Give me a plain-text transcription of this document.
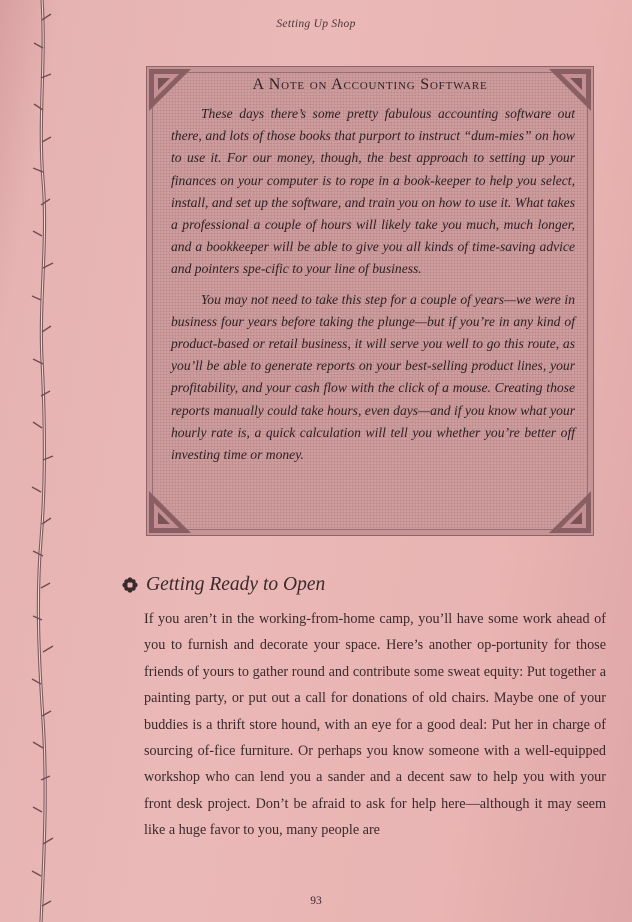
Setting Up Shop
A Note on Accounting Software

These days there’s some pretty fabulous accounting software out there, and lots of those books that purport to instruct “dum-mies” on how to use it. For our money, though, the best approach to setting up your finances on your computer is to rope in a book-keeper to help you select, install, and set up the software, and train you on how to use it. What takes a professional a couple of hours will likely take you much, much longer, and a bookkeeper will be able to give you all kinds of time-saving advice and pointers spe-cific to your line of business.

You may not need to take this step for a couple of years—we were in business four years before taking the plunge—but if you’re in any kind of product-based or retail business, it will serve you well to go this route, as you’ll be able to generate reports on your best-selling product lines, your profitability, and your cash flow with the click of a mouse. Creating those reports manually could take hours, even days—and if you know what your hourly rate is, a quick calculation will tell you whether you’re better off investing time or money.

Getting Ready to Open

If you aren’t in the working-from-home camp, you’ll have some work ahead of you to furnish and decorate your space. Here’s another op-portunity for those friends of yours to gather round and contribute some sweat equity: Put together a painting party, or put out a call for donations of old chairs. Maybe one of your buddies is a thrift store hound, with an eye for a good deal: Put her in charge of sourcing of-fice furniture. Or perhaps you know someone with a well-equipped workshop who can lend you a sander and a decent saw to help you with your front desk project. Don’t be afraid to ask for help here—although it may seem like a huge favor to you, many people are

93
